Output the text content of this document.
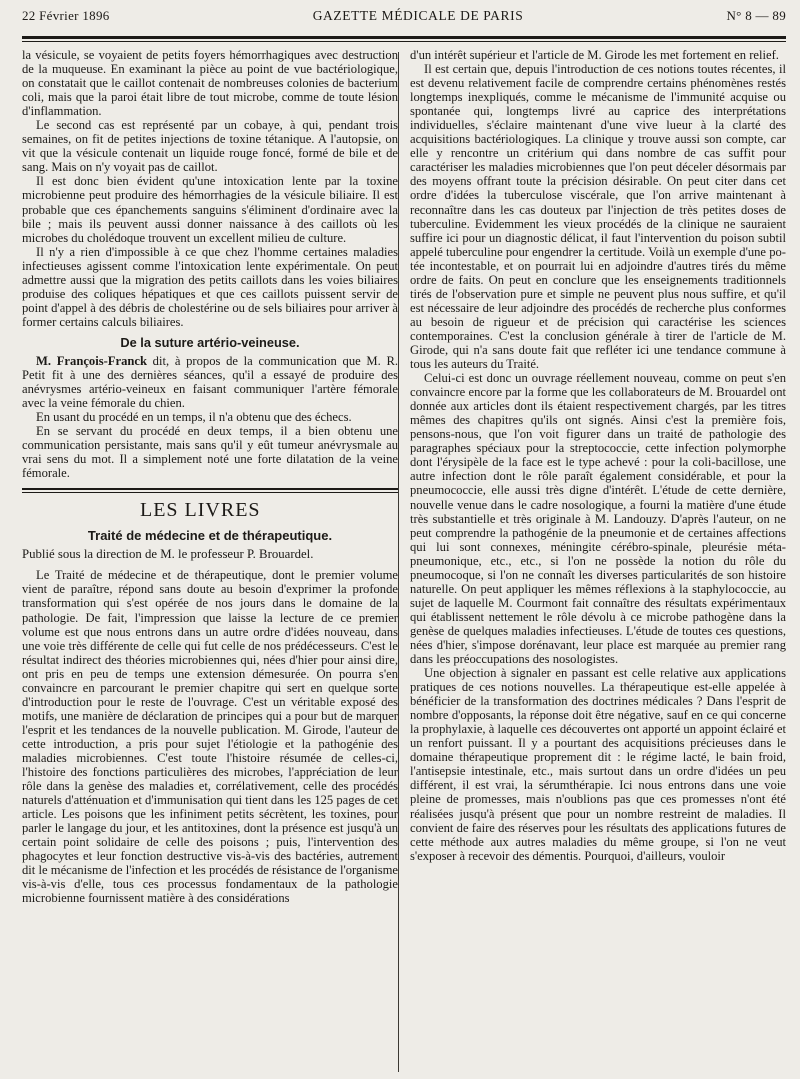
22 Février 1896	GAZETTE MÉDICALE DE PARIS	N° 8 — 89

la vésicule, se voyaient de petits foyers hémorrhagiques avec destruction de la muqueuse. En examinant la pièce au point de vue bactériologique, on constatait que le caillot contenait de nombreuses colonies de bacterium coli, mais que la paroi était libre de tout microbe, comme de toute lésion d'inflammation.

Le second cas est représenté par un cobaye, à qui, pendant trois semaines, on fit de petites injections de toxine tétanique. A l'autopsie, on vit que la vésicule contenait un liquide rouge foncé, formé de bile et de sang. Mais on n'y voyait pas de caillot.

Il est donc bien évident qu'une intoxication lente par la toxine microbienne peut produire des hémorrhagies de la vésicule biliaire. Il est probable que ces épanchements sanguins s'éliminent d'ordinaire avec la bile ; mais ils peuvent aussi donner naissance à des caillots où les microbes du cholédoque trouvent un excellent milieu de culture.

Il n'y a rien d'impossible à ce que chez l'homme certaines maladies infectieuses agissent comme l'intoxication lente expérimentale. On peut admettre aussi que la migration des petits caillots dans les voies biliaires produise des coliques hépatiques et que ces caillots puissent servir de point d'appel à des débris de cholestérine ou de sels biliaires pour arriver à former certains calculs biliaires.

De la suture artério-veineuse.

M. François-Franck dit, à propos de la communication que M. R. Petit fit à une des dernières séances, qu'il a essayé de produire des anévrysmes artério-veineux en faisant communiquer l'artère fémorale avec la veine fémorale du chien.

En usant du procédé en un temps, il n'a obtenu que des échecs.

En se servant du procédé en deux temps, il a bien obtenu une communication persistante, mais sans qu'il y eût tumeur anévrysmale au vrai sens du mot. Il a simplement noté une forte dilatation de la veine fémorale.

LES LIVRES
Traité de médecine et de thérapeutique.
Publié sous la direction de M. le professeur P. Brouardel.

Le Traité de médecine et de thérapeutique, dont le premier volume vient de paraître, répond sans doute au besoin d'exprimer la profonde transformation qui s'est opérée de nos jours dans le domaine de la pathologie. De fait, l'impression que laisse la lecture de ce premier volume est que nous entrons dans un autre ordre d'idées nouveau, dans une voie très différente de celle qui fut celle de nos prédécesseurs. C'est le résultat indirect des théories microbiennes qui, nées d'hier pour ainsi dire, ont pris en peu de temps une extension démesurée. On pourra s'en convaincre en parcourant le premier chapitre qui sert en quelque sorte d'introduction pour le reste de l'ouvrage. C'est un véritable exposé des motifs, une manière de déclaration de principes qui a pour but de marquer l'esprit et les tendances de la nouvelle publication. M. Girode, l'auteur de cette introduction, a pris pour sujet l'étiologie et la pathogénie des maladies microbiennes. C'est toute l'histoire résumée de celles-ci, l'histoire des fonctions particulières des microbes, l'appréciation de leur rôle dans la genèse des maladies et, corrélativement, celle des procédés naturels d'atténuation et d'immunisation qui tient dans les 125 pages de cet article. Les poisons que les infiniment petits sécrètent, les toxines, pour parler le langage du jour, et les antitoxines, dont la présence est jusqu'à un certain point solidaire de celle des poisons ; puis, l'intervention des phagocytes et leur fonction destructive vis-à-vis des bactéries, autrement dit le mécanisme de l'infection et les procédés de résistance de l'organisme vis-à-vis d'elle, tous ces processus fondamentaux de la pathologie microbienne fournissent matière à des considérations

d'un intérêt supérieur et l'article de M. Girode les met fortement en relief.

Il est certain que, depuis l'introduction de ces notions toutes récentes, il est devenu relativement facile de comprendre certains phénomènes restés longtemps inexpliqués, comme le mécanisme de l'immunité acquise ou spontanée qui, longtemps livré au caprice des interprétations individuelles, s'éclaire maintenant d'une vive lueur à la clarté des acquisitions bactériologiques. La clinique y trouve aussi son compte, car elle y rencontre un critérium qui dans nombre de cas suffit pour caractériser les maladies microbiennes que l'on peut déceler désormais par des moyens offrant toute la précision désirable. On peut citer dans cet ordre d'idées la tuberculose viscérale, que l'on arrive maintenant à reconnaître dans les cas douteux par l'injection de très petites doses de tuberculine. Evidemment les vieux procédés de la clinique ne sauraient suffire ici pour un diagnostic délicat, il faut l'intervention du poison subtil appelé tuberculine pour engendrer la certitude. Voilà un exemple d'une po-tée incontestable, et on pourrait lui en adjoindre d'autres tirés du même ordre de faits. On peut en conclure que les enseignements traditionnels tirés de l'observation pure et simple ne peuvent plus nous suffire, et qu'il est nécessaire de leur adjoindre des procédés de recherche plus conformes au besoin de rigueur et de précision qui caractérise les sciences contemporaines. C'est la conclusion générale à tirer de l'article de M. Girode, qui n'a sans doute fait que refléter ici une tendance commune à tous les auteurs du Traité.

Celui-ci est donc un ouvrage réellement nouveau, comme on peut s'en convaincre encore par la forme que les collaborateurs de M. Brouardel ont donnée aux articles dont ils étaient respectivement chargés, par les titres mêmes des chapitres qu'ils ont signés. Ainsi c'est la première fois, pensons-nous, que l'on voit figurer dans un traité de pathologie des paragraphes spéciaux pour la streptococcie, cette infection polymorphe dont l'érysipèle de la face est le type achevé : pour la coli-bacillose, une autre infection dont le rôle paraît également considérable, et pour la pneumococcie, elle aussi très digne d'intérêt. L'étude de cette dernière, nouvelle venue dans le cadre nosologique, a fourni la matière d'une étude très substantielle et très originale à M. Landouzy. D'après l'auteur, on ne peut comprendre la pathogénie de la pneumonie et de certaines affections qui lui sont connexes, méningite cérébro-spinale, pleurésie méta-pneumonique, etc., etc., si l'on ne possède la notion du rôle du pneumocoque, si l'on ne connaît les diverses particularités de son histoire naturelle. On peut appliquer les mêmes réflexions à la staphylococcie, au sujet de laquelle M. Courmont fait connaître des résultats expérimentaux qui établissent nettement le rôle dévolu à ce microbe pathogène dans la genèse de quelques maladies infectieuses. L'étude de toutes ces questions, nées d'hier, s'impose dorénavant, leur place est marquée au premier rang dans les préoccupations des nosologistes.

Une objection à signaler en passant est celle relative aux applications pratiques de ces notions nouvelles. La thérapeutique est-elle appelée à bénéficier de la transformation des doctrines médicales ? Dans l'esprit de nombre d'opposants, la réponse doit être négative, sauf en ce qui concerne la prophylaxie, à laquelle ces découvertes ont apporté un appoint éclairé et un renfort puissant. Il y a pourtant des acquisitions précieuses dans le domaine thérapeutique proprement dit : le régime lacté, le bain froid, l'antisepsie intestinale, etc., mais surtout dans un ordre d'idées un peu différent, il est vrai, la sérumthérapie. Ici nous entrons dans une voie pleine de promesses, mais n'oublions pas que ces promesses n'ont été réalisées jusqu'à présent que pour un nombre restreint de maladies. Il convient de faire des réserves pour les résultats des applications futures de cette méthode aux autres maladies du même groupe, si l'on ne veut s'exposer à recevoir des démentis. Pourquoi, d'ailleurs, vouloir
